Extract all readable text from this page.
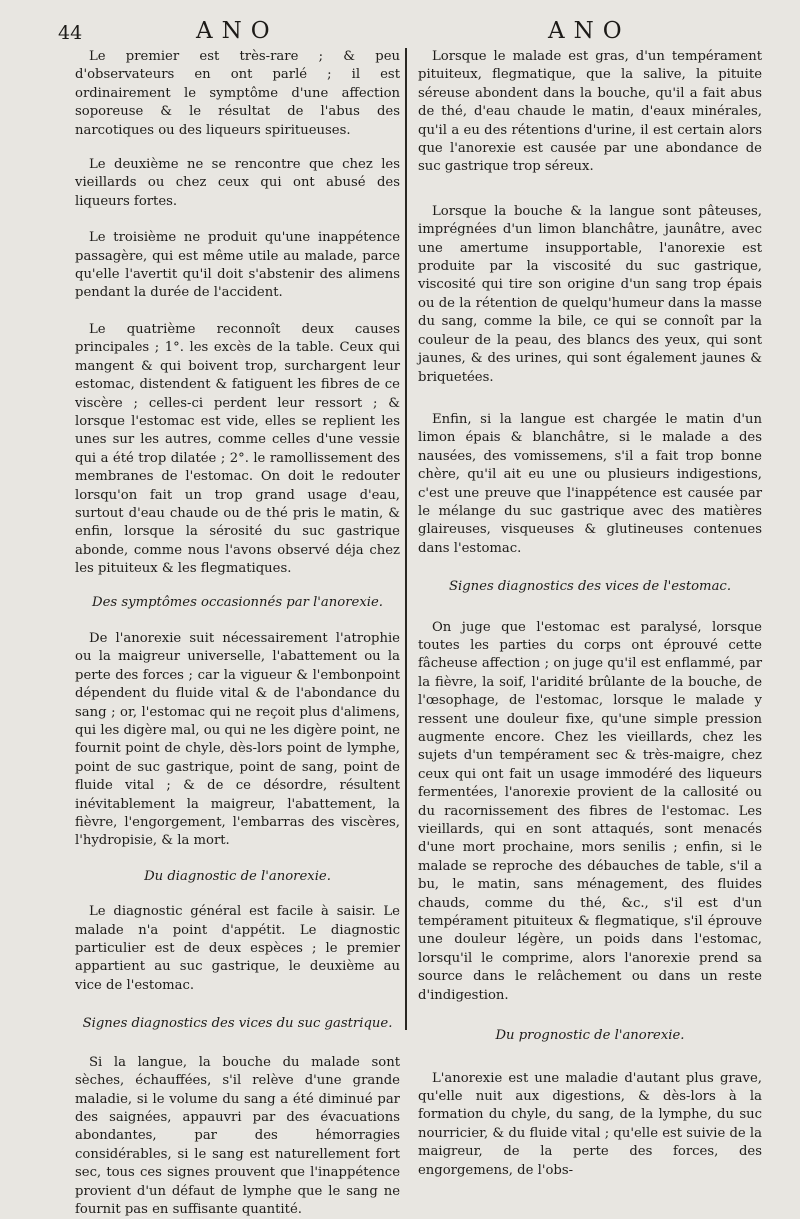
44	ANO	ANO

Le premier est très-rare ; & peu d'observateurs en ont parlé ; il est ordinairement le symptôme d'une affection soporeuse & le résultat de l'abus des narcotiques ou des liqueurs spiritueuses.

Le deuxième ne se rencontre que chez les vieillards ou chez ceux qui ont abusé des liqueurs fortes.

Le troisième ne produit qu'une inappétence passagère, qui est même utile au malade, parce qu'elle l'avertit qu'il doit s'abstenir des alimens pendant la durée de l'accident.

Le quatrième reconnoît deux causes principales ; 1°. les excès de la table. Ceux qui mangent & qui boivent trop, surchargent leur estomac, distendent & fatiguent les fibres de ce viscère ; celles-ci perdent leur ressort ; & lorsque l'estomac est vide, elles se replient les unes sur les autres, comme celles d'une vessie qui a été trop dilatée ; 2°. le ramollissement des membranes de l'estomac. On doit le redouter lorsqu'on fait un trop grand usage d'eau, surtout d'eau chaude ou de thé pris le matin, & enfin, lorsque la sérosité du suc gastrique abonde, comme nous l'avons observé déja chez les pituiteux & les flegmatiques.

Des symptômes occasionnés par l'anorexie.

De l'anorexie suit nécessairement l'atrophie ou la maigreur universelle, l'abattement ou la perte des forces ; car la vigueur & l'embonpoint dépendent du fluide vital & de l'abondance du sang ; or, l'estomac qui ne reçoit plus d'alimens, qui les digère mal, ou qui ne les digère point, ne fournit point de chyle, dès-lors point de lymphe, point de suc gastrique, point de sang, point de fluide vital ; & de ce désordre, résultent inévitablement la maigreur, l'abattement, la fièvre, l'engorgement, l'embarras des viscères, l'hydropisie, & la mort.

Du diagnostic de l'anorexie.

Le diagnostic général est facile à saisir. Le malade n'a point d'appétit. Le diagnostic particulier est de deux espèces ; le premier appartient au suc gastrique, le deuxième au vice de l'estomac.

Signes diagnostics des vices du suc gastrique.

Si la langue, la bouche du malade sont sèches, échauffées, s'il relève d'une grande maladie, si le volume du sang a été diminué par des saignées, appauvri par des évacuations abondantes, par des hémorragies considérables, si le sang est naturellement fort sec, tous ces signes prouvent que l'inappétence provient d'un défaut de lymphe que le sang ne fournit pas en suffisante quantité.

Lorsque le malade est gras, d'un tempérament pituiteux, flegmatique, que la salive, la pituite séreuse abondent dans la bouche, qu'il a fait abus de thé, d'eau chaude le matin, d'eaux minérales, qu'il a eu des rétentions d'urine, il est certain alors que l'anorexie est causée par une abondance de suc gastrique trop séreux.

Lorsque la bouche & la langue sont pâteuses, imprégnées d'un limon blanchâtre, jaunâtre, avec une amertume insupportable, l'anorexie est produite par la viscosité du suc gastrique, viscosité qui tire son origine d'un sang trop épais ou de la rétention de quelqu'humeur dans la masse du sang, comme la bile, ce qui se connoît par la couleur de la peau, des blancs des yeux, qui sont jaunes, & des urines, qui sont également jaunes & briquetées.

Enfin, si la langue est chargée le matin d'un limon épais & blanchâtre, si le malade a des nausées, des vomissemens, s'il a fait trop bonne chère, qu'il ait eu une ou plusieurs indigestions, c'est une preuve que l'inappétence est causée par le mélange du suc gastrique avec des matières glaireuses, visqueuses & glutineuses contenues dans l'estomac.

Signes diagnostics des vices de l'estomac.

On juge que l'estomac est paralysé, lorsque toutes les parties du corps ont éprouvé cette fâcheuse affection ; on juge qu'il est enflammé, par la fièvre, la soif, l'aridité brûlante de la bouche, de l'œsophage, de l'estomac, lorsque le malade y ressent une douleur fixe, qu'une simple pression augmente encore. Chez les vieillards, chez les sujets d'un tempérament sec & très-maigre, chez ceux qui ont fait un usage immodéré des liqueurs fermentées, l'anorexie provient de la callosité ou du racornissement des fibres de l'estomac. Les vieillards, qui en sont attaqués, sont menacés d'une mort prochaine, mors senilis ; enfin, si le malade se reproche des débauches de table, s'il a bu, le matin, sans ménagement, des fluides chauds, comme du thé, &c., s'il est d'un tempérament pituiteux & flegmatique, s'il éprouve une douleur légère, un poids dans l'estomac, lorsqu'il le comprime, alors l'anorexie prend sa source dans le relâchement ou dans un reste d'indigestion.

Du prognostic de l'anorexie.

L'anorexie est une maladie d'autant plus grave, qu'elle nuit aux digestions, & dès-lors à la formation du chyle, du sang, de la lymphe, du suc nourricier, & du fluide vital ; qu'elle est suivie de la maigreur, de la perte des forces, des engorgemens, de l'obs-
